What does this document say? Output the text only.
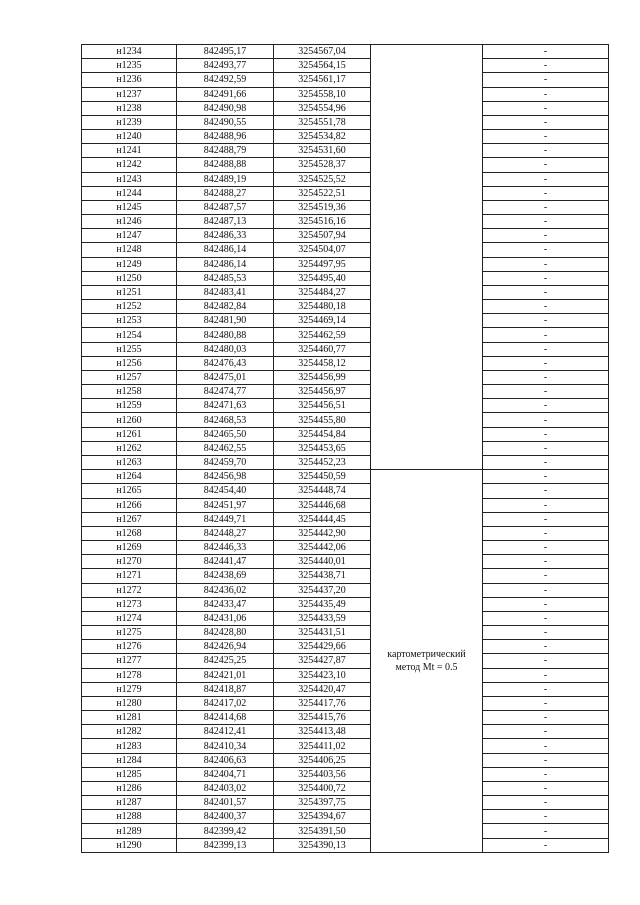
н1234	842495,17	3254567,04		-
н1235	842493,77	3254564,15		-
н1236	842492,59	3254561,17		-
н1237	842491,66	3254558,10		-
н1238	842490,98	3254554,96		-
н1239	842490,55	3254551,78		-
н1240	842488,96	3254534,82		-
н1241	842488,79	3254531,60		-
н1242	842488,88	3254528,37		-
н1243	842489,19	3254525,52		-
н1244	842488,27	3254522,51		-
н1245	842487,57	3254519,36		-
н1246	842487,13	3254516,16		-
н1247	842486,33	3254507,94		-
н1248	842486,14	3254504,07		-
н1249	842486,14	3254497,95		-
н1250	842485,53	3254495,40		-
н1251	842483,41	3254484,27		-
н1252	842482,84	3254480,18		-
н1253	842481,90	3254469,14		-
н1254	842480,88	3254462,59		-
н1255	842480,03	3254460,77		-
н1256	842476,43	3254458,12		-
н1257	842475,01	3254456,99		-
н1258	842474,77	3254456,97		-
н1259	842471,63	3254456,51		-
н1260	842468,53	3254455,80		-
н1261	842465,50	3254454,84		-
н1262	842462,55	3254453,65		-
н1263	842459,70	3254452,23		-
н1264	842456,98	3254450,59	картометрический
метод Mt = 0.5	-
н1265	842454,40	3254448,74		-
н1266	842451,97	3254446,68		-
н1267	842449,71	3254444,45		-
н1268	842448,27	3254442,90		-
н1269	842446,33	3254442,06		-
н1270	842441,47	3254440,01		-
н1271	842438,69	3254438,71		-
н1272	842436,02	3254437,20		-
н1273	842433,47	3254435,49		-
н1274	842431,06	3254433,59		-
н1275	842428,80	3254431,51		-
н1276	842426,94	3254429,66		-
н1277	842425,25	3254427,87		-
н1278	842421,01	3254423,10		-
н1279	842418,87	3254420,47		-
н1280	842417,02	3254417,76		-
н1281	842414,68	3254415,76		-
н1282	842412,41	3254413,48		-
н1283	842410,34	3254411,02		-
н1284	842406,63	3254406,25		-
н1285	842404,71	3254403,56		-
н1286	842403,02	3254400,72		-
н1287	842401,57	3254397,75		-
н1288	842400,37	3254394,67		-
н1289	842399,42	3254391,50		-
н1290	842399,13	3254390,13		-
